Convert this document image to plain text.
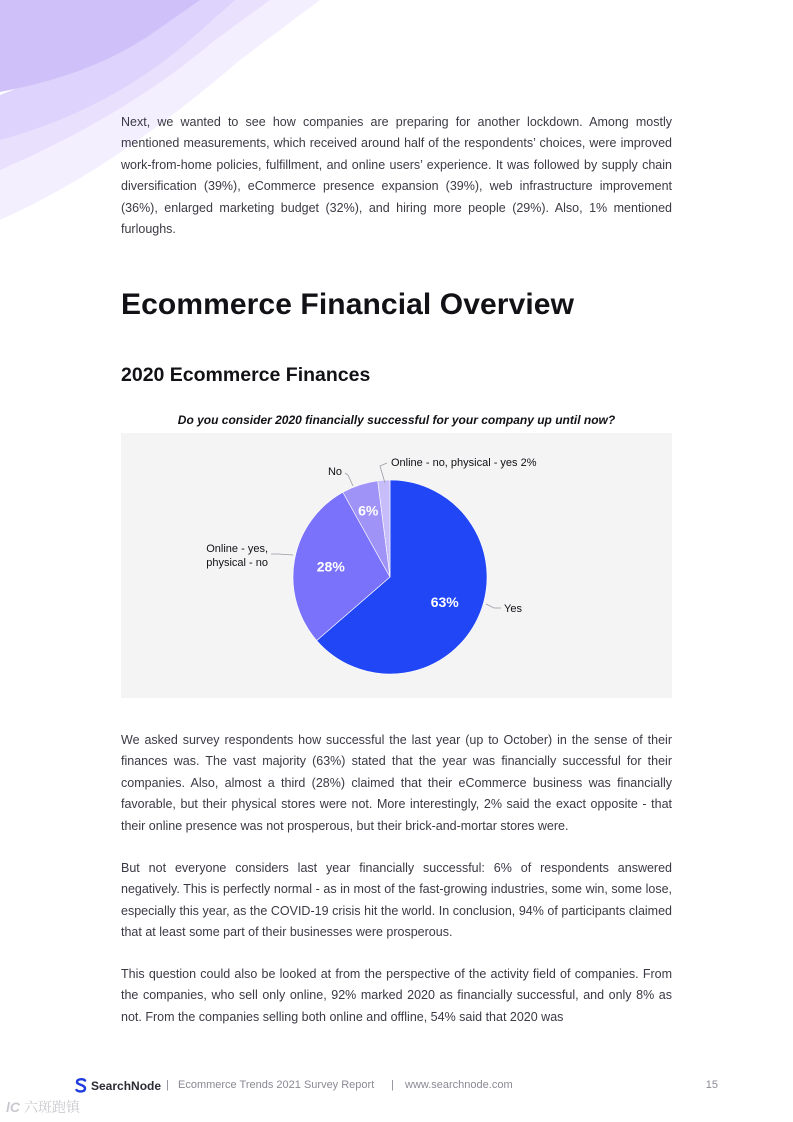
Next, we wanted to see how companies are preparing for another lockdown. Among mostly mentioned measurements, which received around half of the respondents’ choices, were improved work-from-home policies, fulfillment, and online users’ experience. It was followed by supply chain diversification (39%), eCommerce presence expansion (39%), web infrastructure improvement (36%), enlarged marketing budget (32%), and hiring more people (29%). Also, 1% mentioned furloughs.

Ecommerce Financial Overview
2020 Ecommerce Finances

Do you consider 2020 financially successful for your company up until now?

63%	Yes
28%
Online - yes,
physical - no
6%
No
Online - no, physical - yes 2%

We asked survey respondents how successful the last year (up to October) in the sense of their finances was. The vast majority (63%) stated that the year was financially successful for their companies. Also, almost a third (28%) claimed that their eCommerce business was financially favorable, but their physical stores were not. More interestingly, 2% said the exact opposite - that their online presence was not prosperous, but their brick-and-mortar stores were.

But not everyone considers last year financially successful: 6% of respondents answered negatively. This is perfectly normal - as in most of the fast-growing industries, some win, some lose, especially this year, as the COVID-19 crisis hit the world. In conclusion, 94% of participants claimed that at least some part of their businesses were prosperous.

This question could also be looked at from the perspective of the activity field of companies. From the companies, who sell only online, 92% marked 2020 as financially successful, and only 8% as not. From the companies selling both online and offline, 54% said that 2020 was

SearchNode | Ecommerce Trends 2021 Survey Report | www.searchnode.com	15
lC 六斑跑镇
